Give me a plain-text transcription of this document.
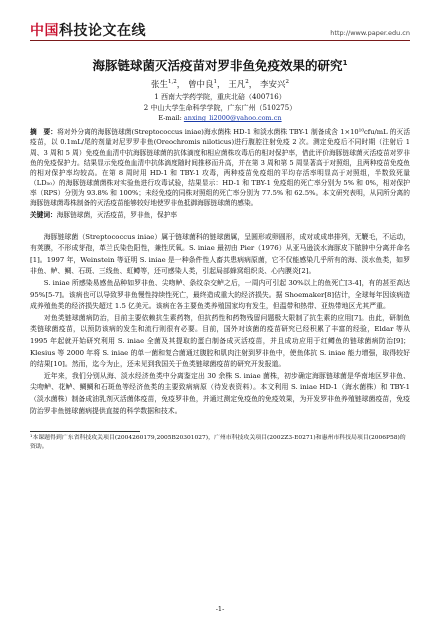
中国 科技论文在线	http://www.paper.edu.cn
海豚链球菌灭活疫苗对罗非鱼免疫效果的研究$^1$
张生$^{1,2}$， 曾中良$^1$， 王凡$^2$， 李安兴$^2$
1 西南大学药学院，重庆北碚（400716）
2 中山大学生命科学学院，广东广州（510275）
E-mail: anxing_li2000@yahoo.com.cn
摘　要：将对外分离的海豚链球菌(Streptococcus iniae)海水菌株 HD-1 和淡水菌株 TBY-1 制备成含 1×10¹⁰cfu/mL 的灭活疫苗，以 0.1mL/尾的剂量对尼罗罗非鱼(Oreochromis niloticus)进行腹腔注射免疫 2 次。测定免疫后不同时期（注射后 1 周、3 周和 5 周）免疫鱼血清中抗海豚链球菌的抗体滴度和相应菌株攻毒后的相对保护率，借此评价海豚链球菌灭活疫苗对罗非鱼的免疫保护力。结果显示免疫鱼血清中抗体滴度随时间推移而升高，并在第 3 周和第 5 周显著高于对照组，且两种疫苗免疫鱼的相对保护率均较高。在第 8 周时用 HD-1 和 TBY-1 攻毒，两种疫苗免疫组的平均存活率明显高于对照组，半数致死量（LD₅₀）的海豚链球菌菌株对实验鱼进行攻毒试验，结果显示：HD-1 和 TBY-1 免疫组的死亡率分别为 5% 和 0%，相对保护率（RPS）分别为 93.8% 和 100%；未经免疫的同株对照组的死亡率分别为 77.5% 和 62.5%。本文研究表明，从同所分离的海豚链球菌毒株制备的灭活疫苗能够较好地使罗非鱼抵御海豚链球菌的感染。
关键词：海豚链球菌，灭活疫苗，罗非鱼，保护率

海豚链球菌（Streptococcus iniae）属于链球菌科的链球菌属，呈圆形或卵圆形，成对或成串排列，无鞭毛，不运动，有荚膜，不形成芽孢，革兰氏染色阳性，兼性厌氧。S. iniae 最初由 Pier（1976）从亚马逊淡水海豚皮下脓肿中分离并命名[1]。1997 年，Weinstein 等证明 S. iniae 是一种条件性人畜共患病病原菌，它不仅能感染几乎所有的海、淡水鱼类，如罗非鱼、鲈、鲷、石斑、三线鱼、虹鳟等，还可感染人类，引起局部蜂窝组织炎、心内膜炎[2]。

S. iniae 所感染易感鱼品种如罗非鱼、尖吻鲈、条纹杂交鲈之后，一周内可引起 30%以上的鱼死亡[3-4]，有的甚至高达 95%[5-7]。该病也可以导致罗非鱼慢性持续性死亡，最终造成重大的经济损失。据 Shoemaker[8]估计，全球每年因该病造成养殖鱼类的经济损失超过 1.5 亿美元。该病在各主要鱼类养殖国家均有发生，但温带和热带、亚热带地区尤其严重。

对鱼类链球菌病防治，目前主要依赖抗生素药物，但抗药性和药物残留问题极大限制了抗生素的应用[7]。由此，研制鱼类链球菌疫苗，以预防该病的发生和流行则很有必要。目前，国外对该菌的疫苗研究已经积累了丰富的经验，Eldar 等从 1995 年起就开始研究利用 S. iniae 全菌及其提取的蛋白制备成灭活疫苗，并且成功应用于红鳟鱼的链球菌病防治[9]；Klesius 等 2000 年将 S. iniae 的单一菌和复合菌通过腹腔和肌肉注射到罗非鱼中，使鱼体抗 S. iniae 能力增强，取得较好的结果[10]。然而，迄今为止，还未见到我国关于鱼类链球菌疫苗的研究开发报道。

近年来，我们分别从海、淡水经济鱼类中分离鉴定出 30 余株 S. iniae 菌株，初步确定海豚链球菌是华南地区罗非鱼、尖吻鲈、花鲈、鲷鲷和石斑鱼等经济鱼类的主要致病病原（待发表资料）。本文利用 S. iniae HD-1（海水菌株）和 TBY-1（淡水菌株）制备成油乳剂灭活菌体疫苗，免疫罗非鱼，并通过测定免疫鱼的免疫效果，为开发罗非鱼养殖链球菌疫苗，免疫防治罗非鱼链球菌病提供直接的科学数据和技术。

¹本课题得到广东省科技攻关项目(2004260179,2005B20301027)，广州市科技攻关项目(2002Z3-E0271)和惠州市科技局项目(2006P58)的资助。
-1-
